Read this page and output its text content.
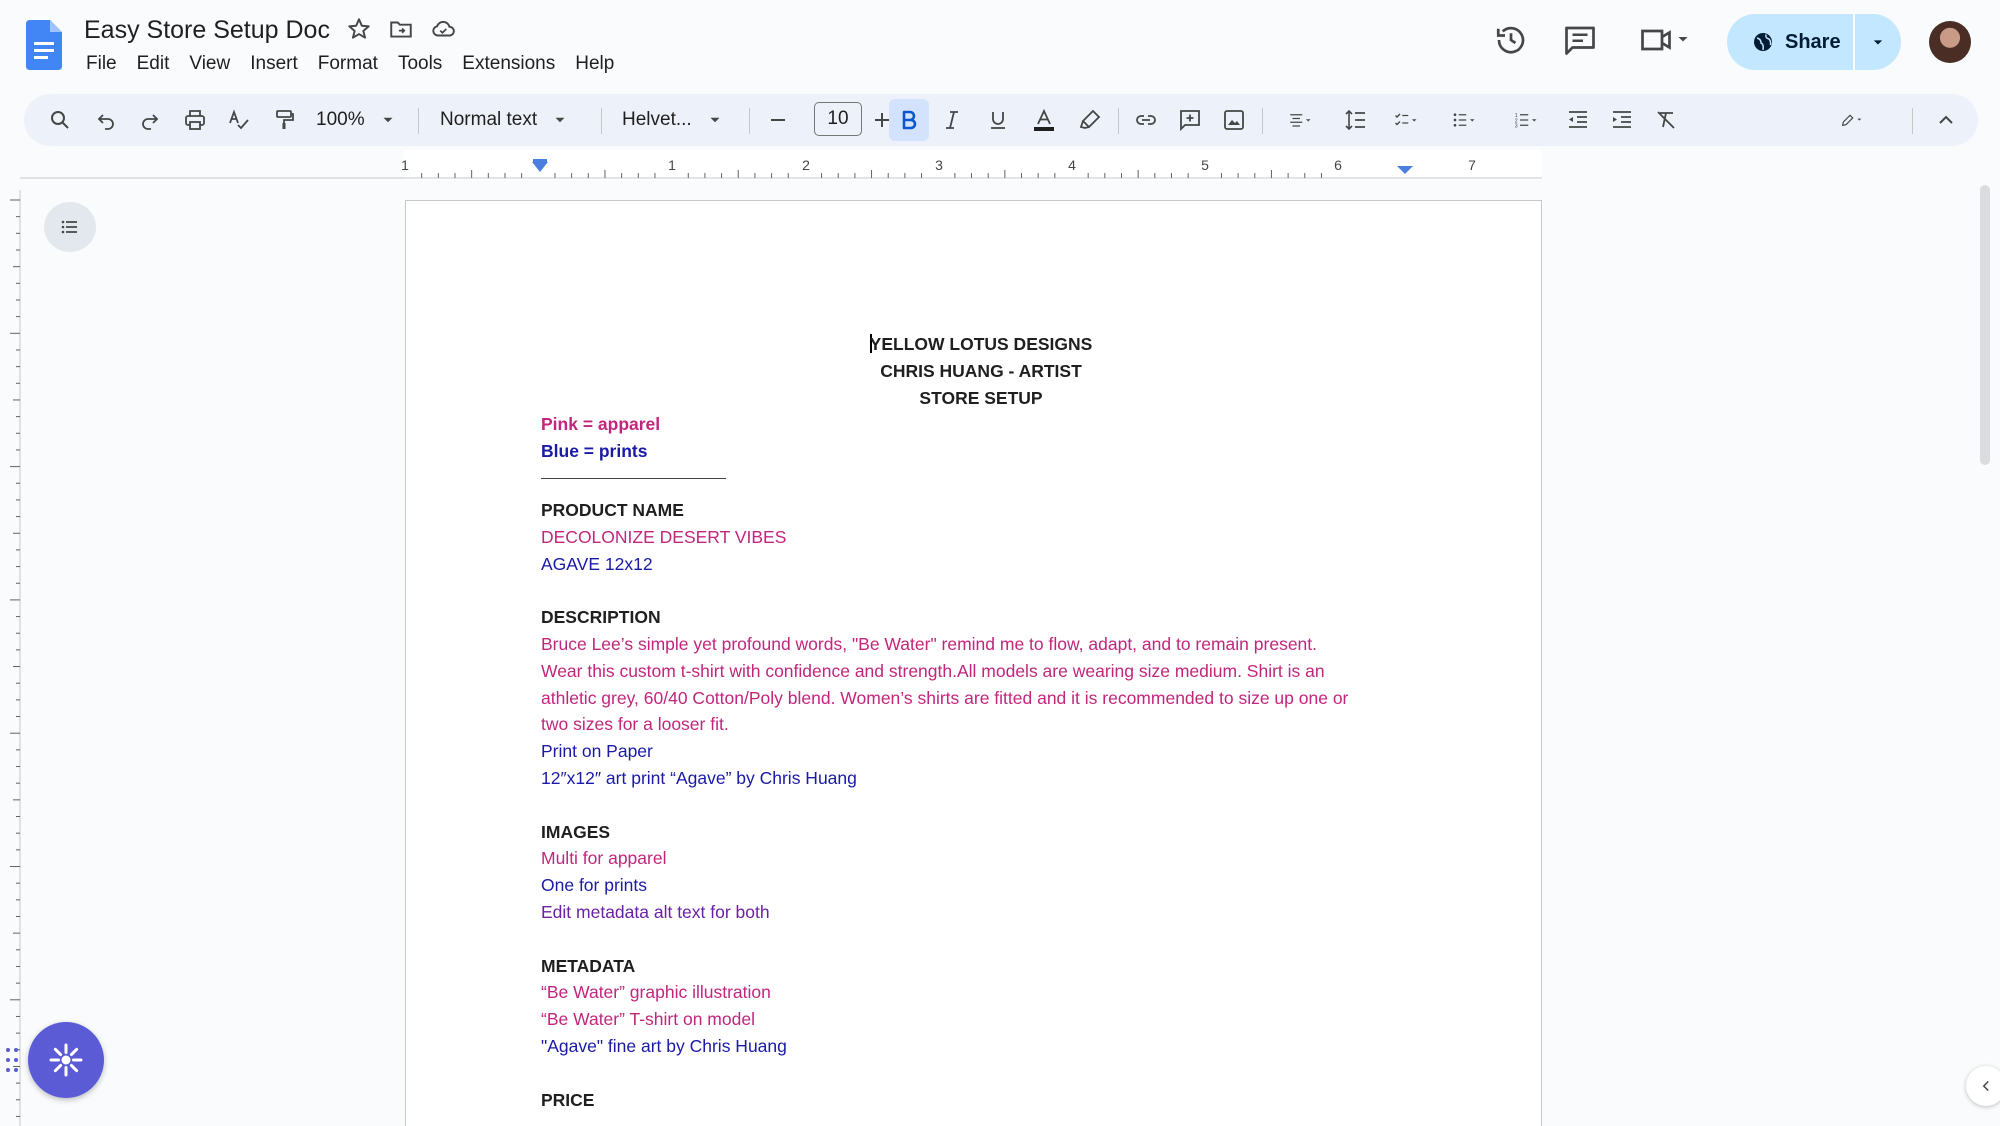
Easy Store Setup Doc
File	Edit	View	Insert	Format	Tools	Extensions	Help
Share
100%	Normal text	Helvet...	10	1
2
3
1	1	2	3	4	5	6	7
YELLOW LOTUS DESIGNS
CHRIS HUANG - ARTIST
STORE SETUP
Pink = apparel
Blue = prints
PRODUCT NAME
DECOLONIZE DESERT VIBES
AGAVE 12x12
DESCRIPTION
Bruce Lee’s simple yet profound words, "Be Water" remind me to flow, adapt, and to remain present.
Wear this custom t-shirt with confidence and strength.All models are wearing size medium. Shirt is an
athletic grey, 60/40 Cotton/Poly blend. Women’s shirts are fitted and it is recommended to size up one or
two sizes for a looser fit.
Print on Paper
12″x12″ art print “Agave” by Chris Huang
IMAGES
Multi for apparel
One for prints
Edit metadata alt text for both
METADATA
“Be Water” graphic illustration
“Be Water” T-shirt on model
"Agave" fine art by Chris Huang
PRICE
